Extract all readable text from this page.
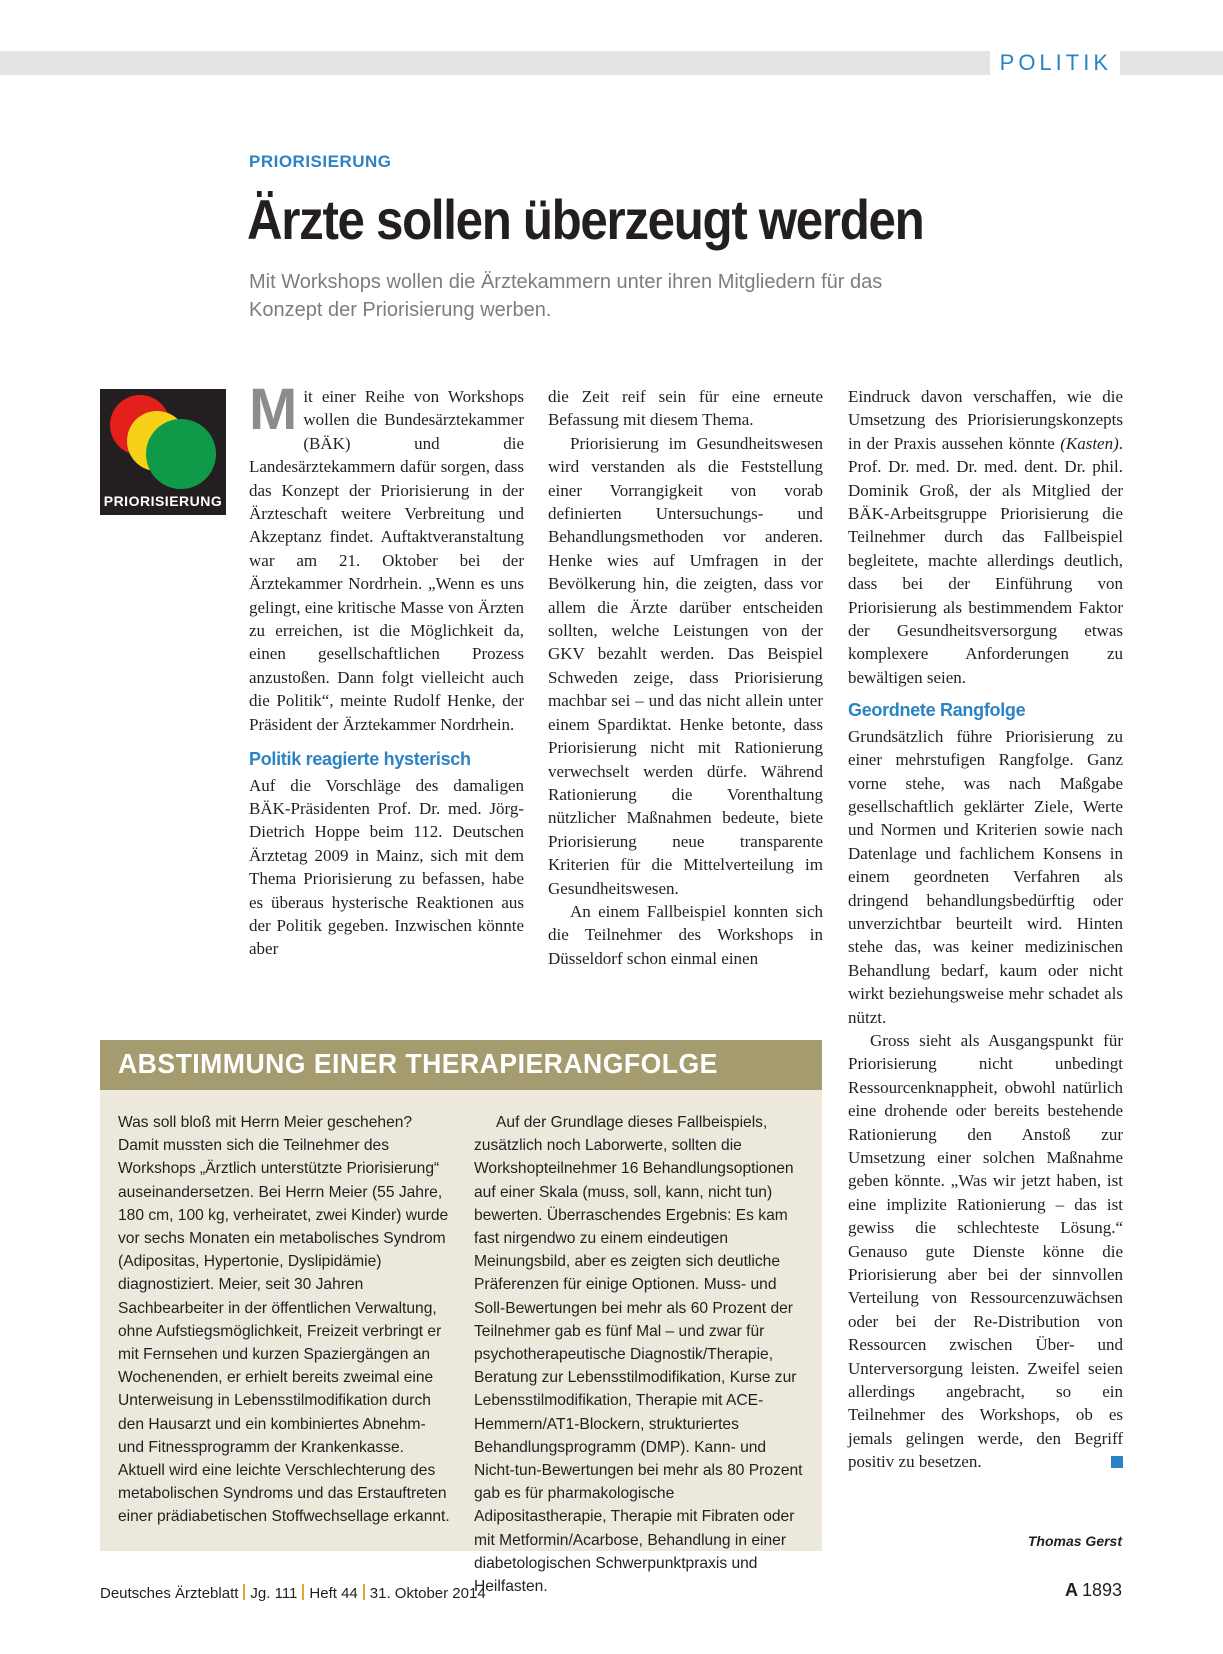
POLITIK
PRIORISIERUNG
Ärzte sollen überzeugt werden
Mit Workshops wollen die Ärztekammern unter ihren Mitgliedern für das Konzept der Priorisierung werben.
PRIORISIERUNG

Mit einer Reihe von Workshops wollen die Bundesärztekammer (BÄK) und die Landesärztekammern dafür sorgen, dass das Konzept der Priorisierung in der Ärzteschaft weitere Verbreitung und Akzeptanz findet. Auftaktveranstaltung war am 21. Oktober bei der Ärztekammer Nordrhein. „Wenn es uns gelingt, eine kritische Masse von Ärzten zu erreichen, ist die Möglichkeit da, einen gesellschaftlichen Prozess anzustoßen. Dann folgt vielleicht auch die Politik“, meinte Rudolf Henke, der Präsident der Ärztekammer Nordrhein.

Politik reagierte hysterisch

Auf die Vorschläge des damaligen BÄK-Präsidenten Prof. Dr. med. Jörg-Dietrich Hoppe beim 112. Deutschen Ärztetag 2009 in Mainz, sich mit dem Thema Priorisierung zu befassen, habe es überaus hysterische Reaktionen aus der Politik gegeben. Inzwischen könnte aber

die Zeit reif sein für eine erneute Befassung mit diesem Thema.

Priorisierung im Gesundheitswesen wird verstanden als die Feststellung einer Vorrangigkeit von vorab definierten Untersuchungs- und Behandlungsmethoden vor anderen. Henke wies auf Umfragen in der Bevölkerung hin, die zeigten, dass vor allem die Ärzte darüber entscheiden sollten, welche Leistungen von der GKV bezahlt werden. Das Beispiel Schweden zeige, dass Priorisierung machbar sei – und das nicht allein unter einem Spardiktat. Henke betonte, dass Priorisierung nicht mit Rationierung verwechselt werden dürfe. Während Rationierung die Vorenthaltung nützlicher Maßnahmen bedeute, biete Priorisierung neue transparente Kriterien für die Mittelverteilung im Gesundheitswesen.

An einem Fallbeispiel konnten sich die Teilnehmer des Workshops in Düsseldorf schon einmal einen

Eindruck davon verschaffen, wie die Umsetzung des Priorisierungskonzepts in der Praxis aussehen könnte (Kasten). Prof. Dr. med. Dr. med. dent. Dr. phil. Dominik Groß, der als Mitglied der BÄK-Arbeitsgruppe Priorisierung die Teilnehmer durch das Fallbeispiel begleitete, machte allerdings deutlich, dass bei der Einführung von Priorisierung als bestimmendem Faktor der Gesundheitsversorgung etwas komplexere Anforderungen zu bewältigen seien.

Geordnete Rangfolge

Grundsätzlich führe Priorisierung zu einer mehrstufigen Rangfolge. Ganz vorne stehe, was nach Maßgabe gesellschaftlich geklärter Ziele, Werte und Normen und Kriterien sowie nach Datenlage und fachlichem Konsens in einem geordneten Verfahren als dringend behandlungsbedürftig oder unverzichtbar beurteilt wird. Hinten stehe das, was keiner medizinischen Behandlung bedarf, kaum oder nicht wirkt beziehungsweise mehr schadet als nützt.

Gross sieht als Ausgangspunkt für Priorisierung nicht unbedingt Ressourcenknappheit, obwohl natürlich eine drohende oder bereits bestehende Rationierung den Anstoß zur Umsetzung einer solchen Maßnahme geben könnte. „Was wir jetzt haben, ist eine implizite Rationierung – das ist gewiss die schlechteste Lösung.“ Genauso gute Dienste könne die Priorisierung aber bei der sinnvollen Verteilung von Ressourcenzuwächsen oder bei der Re-Distribution von Ressourcen zwischen Über- und Unterversorgung leisten. Zweifel seien allerdings angebracht, so ein Teilnehmer des Workshops, ob es jemals gelingen werde, den Begriff positiv zu besetzen.

ABSTIMMUNG EINER THERAPIERANGFOLGE

Was soll bloß mit Herrn Meier geschehen? Damit mussten sich die Teilnehmer des Workshops „Ärztlich unterstützte Priorisierung“ auseinandersetzen. Bei Herrn Meier (55 Jahre, 180 cm, 100 kg, verheiratet, zwei Kinder) wurde vor sechs Monaten ein metabolisches Syndrom (Adipositas, Hypertonie, Dyslipidämie) diagnostiziert. Meier, seit 30 Jahren Sachbearbeiter in der öffentlichen Verwaltung, ohne Aufstiegsmöglichkeit, Freizeit verbringt er mit Fernsehen und kurzen Spaziergängen an Wochenenden, er erhielt bereits zweimal eine Unterweisung in Lebensstilmodifikation durch den Hausarzt und ein kombiniertes Abnehm- und Fitnessprogramm der Krankenkasse. Aktuell wird eine leichte Verschlechterung des metabolischen Syndroms und das Erstauftreten einer prädiabetischen Stoffwechsellage erkannt.

Auf der Grundlage dieses Fallbeispiels, zusätzlich noch Laborwerte, sollten die Workshopteilnehmer 16 Behandlungsoptionen auf einer Skala (muss, soll, kann, nicht tun) bewerten. Überraschendes Ergebnis: Es kam fast nirgendwo zu einem eindeutigen Meinungsbild, aber es zeigten sich deutliche Präferenzen für einige Optionen. Muss- und Soll-Bewertungen bei mehr als 60 Prozent der Teilnehmer gab es fünf Mal – und zwar für psychotherapeutische Diagnostik/Therapie, Beratung zur Lebensstilmodifikation, Kurse zur Lebensstilmodifikation, Therapie mit ACE-Hemmern/AT1-Blockern, strukturiertes Behandlungsprogramm (DMP). Kann- und Nicht-tun-Bewertungen bei mehr als 80 Prozent gab es für pharmakologische Adipositastherapie, Therapie mit Fibraten oder mit Metformin/Acarbose, Behandlung in einer diabetologischen Schwerpunktpraxis und Heilfasten.

Thomas Gerst
Deutsches Ärzteblatt Jg. 111 Heft 44 31. Oktober 2014	A 1893
